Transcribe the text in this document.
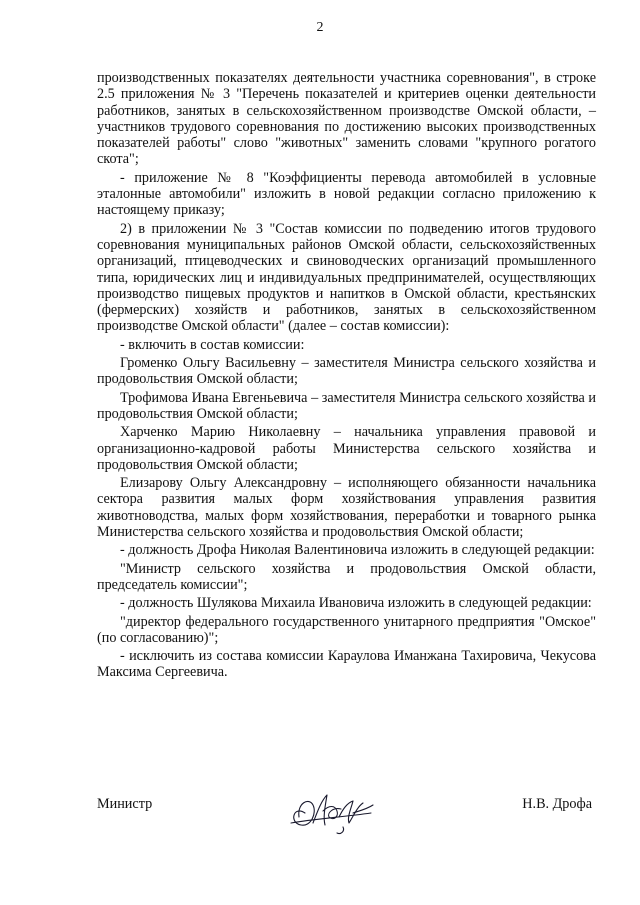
2

производственных показателях деятельности участника соревнования", в строке 2.5 приложения № 3 "Перечень показателей и критериев оценки деятельности работников, занятых в сельскохозяйственном производстве Омской области, – участников трудового соревнования по достижению высоких производственных показателей работы" слово "животных" заменить словами "крупного рогатого скота";

- приложение № 8 "Коэффициенты перевода автомобилей в условные эталонные автомобили" изложить в новой редакции согласно приложению к настоящему приказу;

2) в приложении № 3 "Состав комиссии по подведению итогов трудового соревнования муниципальных районов Омской области, сельскохозяйственных организаций, птицеводческих и свиноводческих организаций промышленного типа, юридических лиц и индивидуальных предпринимателей, осуществляющих производство пищевых продуктов и напитков в Омской области, крестьянских (фермерских) хозяйств и работников, занятых в сельскохозяйственном производстве Омской области" (далее – состав комиссии):

- включить в состав комиссии:

Громенко Ольгу Васильевну – заместителя Министра сельского хозяйства и продовольствия Омской области;

Трофимова Ивана Евгеньевича – заместителя Министра сельского хозяйства и продовольствия Омской области;

Харченко Марию Николаевну – начальника управления правовой и организационно-кадровой работы Министерства сельского хозяйства и продовольствия Омской области;

Елизарову Ольгу Александровну – исполняющего обязанности начальника сектора развития малых форм хозяйствования управления развития животноводства, малых форм хозяйствования, переработки и товарного рынка Министерства сельского хозяйства и продовольствия Омской области;

- должность Дрофа Николая Валентиновича изложить в следующей редакции:

"Министр сельского хозяйства и продовольствия Омской области, председатель комиссии";

- должность Шулякова Михаила Ивановича изложить в следующей редакции:

"директор федерального государственного унитарного предприятия "Омское" (по согласованию)";

- исключить из состава комиссии Караулова Иманжана Тахировича, Чекусова Максима Сергеевича.

Министр	Н.В. Дрофа
